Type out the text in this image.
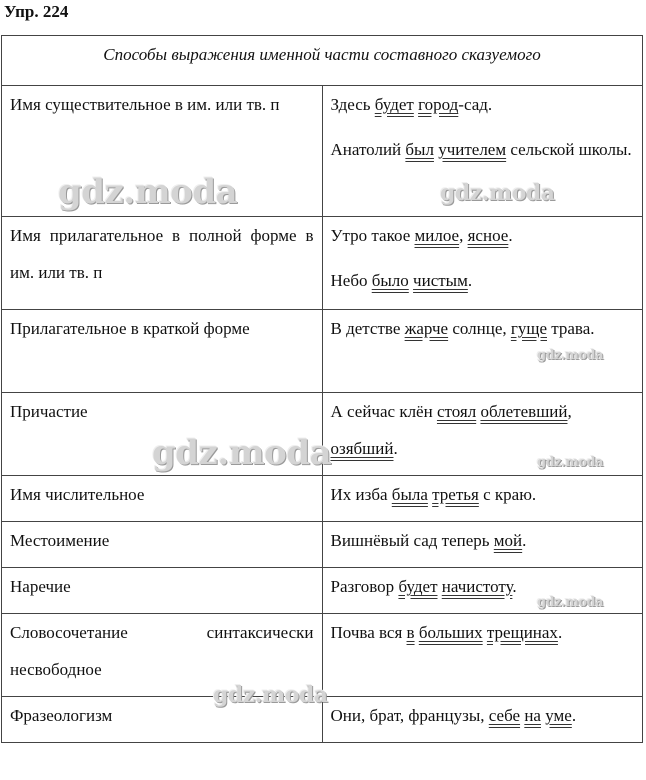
Упр. 224
Способы выражения именной части составного сказуемого	
Имя существительное в им. или тв. п	Здесь будет город-сад.
Анатолий был учителем сельской школы.

Имя прилагательное в полной форме в им. или тв. п	Утро такое милое, ясное.
Небо было чистым.

Прилагательное в краткой форме	В детстве жарче солнце, гуще трава.

Причастие	А сейчас клён стоял облетевший, озябший.

Имя числительное	Их изба была третья с краю.

Местоимение	Вишнёвый сад теперь мой.

Наречие	Разговор будет начистоту.

Словосочетание синтаксически несвободное	Почва вся в больших трещинах.

Фразеологизм	Они, брат, французы, себе на уме.
gdz.moda	gdz.moda
gdz.moda
gdz.moda	gdz.moda
gdz.moda
gdz.moda
